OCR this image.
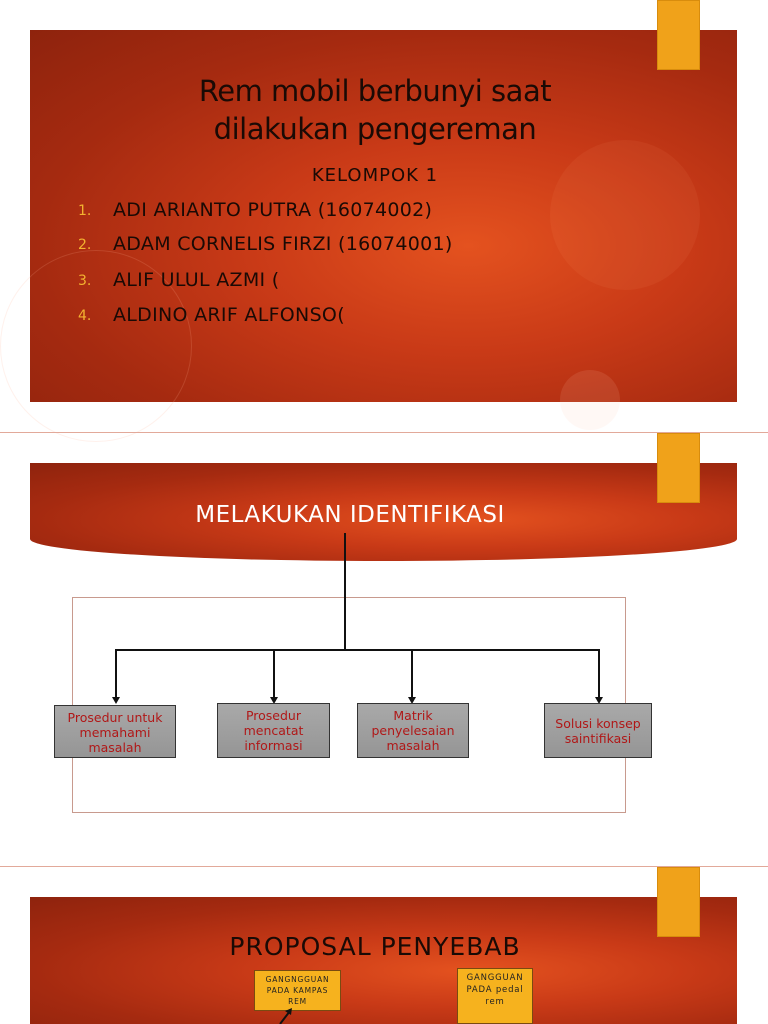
Rem mobil berbunyi saat
dilakukan pengereman
KELOMPOK 1
1. ADI ARIANTO PUTRA (16074002)
2. ADAM CORNELIS FIRZI (16074001)
3. ALIF ULUL AZMI (
4. ALDINO ARIF ALFONSO(
MELAKUKAN IDENTIFIKASI
Prosedur untuk
memahami
masalah
Prosedur
mencatat
informasi
Matrik
penyelesaian
masalah
Solusi konsep
saintifikasi
PROPOSAL PENYEBAB
GANGNGGUAN
PADA KAMPAS
REM
GANGGUAN
PADA pedal
rem
